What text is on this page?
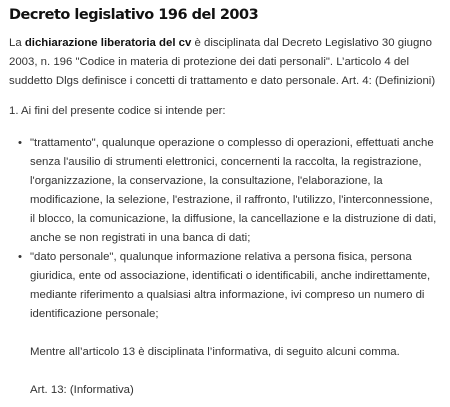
Decreto legislativo 196 del 2003

La dichiarazione liberatoria del cv è disciplinata dal Decreto Legislativo 30 giugno 2003, n. 196 "Codice in materia di protezione dei dati personali". L’articolo 4 del suddetto Dlgs definisce i concetti di trattamento e dato personale. Art. 4: (Definizioni)

1. Ai fini del presente codice si intende per:

• "trattamento", qualunque operazione o complesso di operazioni, effettuati anche senza l'ausilio di strumenti elettronici, concernenti la raccolta, la registrazione, l'organizzazione, la conservazione, la consultazione, l'elaborazione, la modificazione, la selezione, l'estrazione, il raffronto, l'utilizzo, l'interconnessione, il blocco, la comunicazione, la diffusione, la cancellazione e la distruzione di dati, anche se non registrati in una banca di dati;
• "dato personale", qualunque informazione relativa a persona fisica, persona giuridica, ente od associazione, identificati o identificabili, anche indirettamente, mediante riferimento a qualsiasi altra informazione, ivi compreso un numero di identificazione personale;

Mentre all’articolo 13 è disciplinata l’informativa, di seguito alcuni comma.

Art. 13: (Informativa)
